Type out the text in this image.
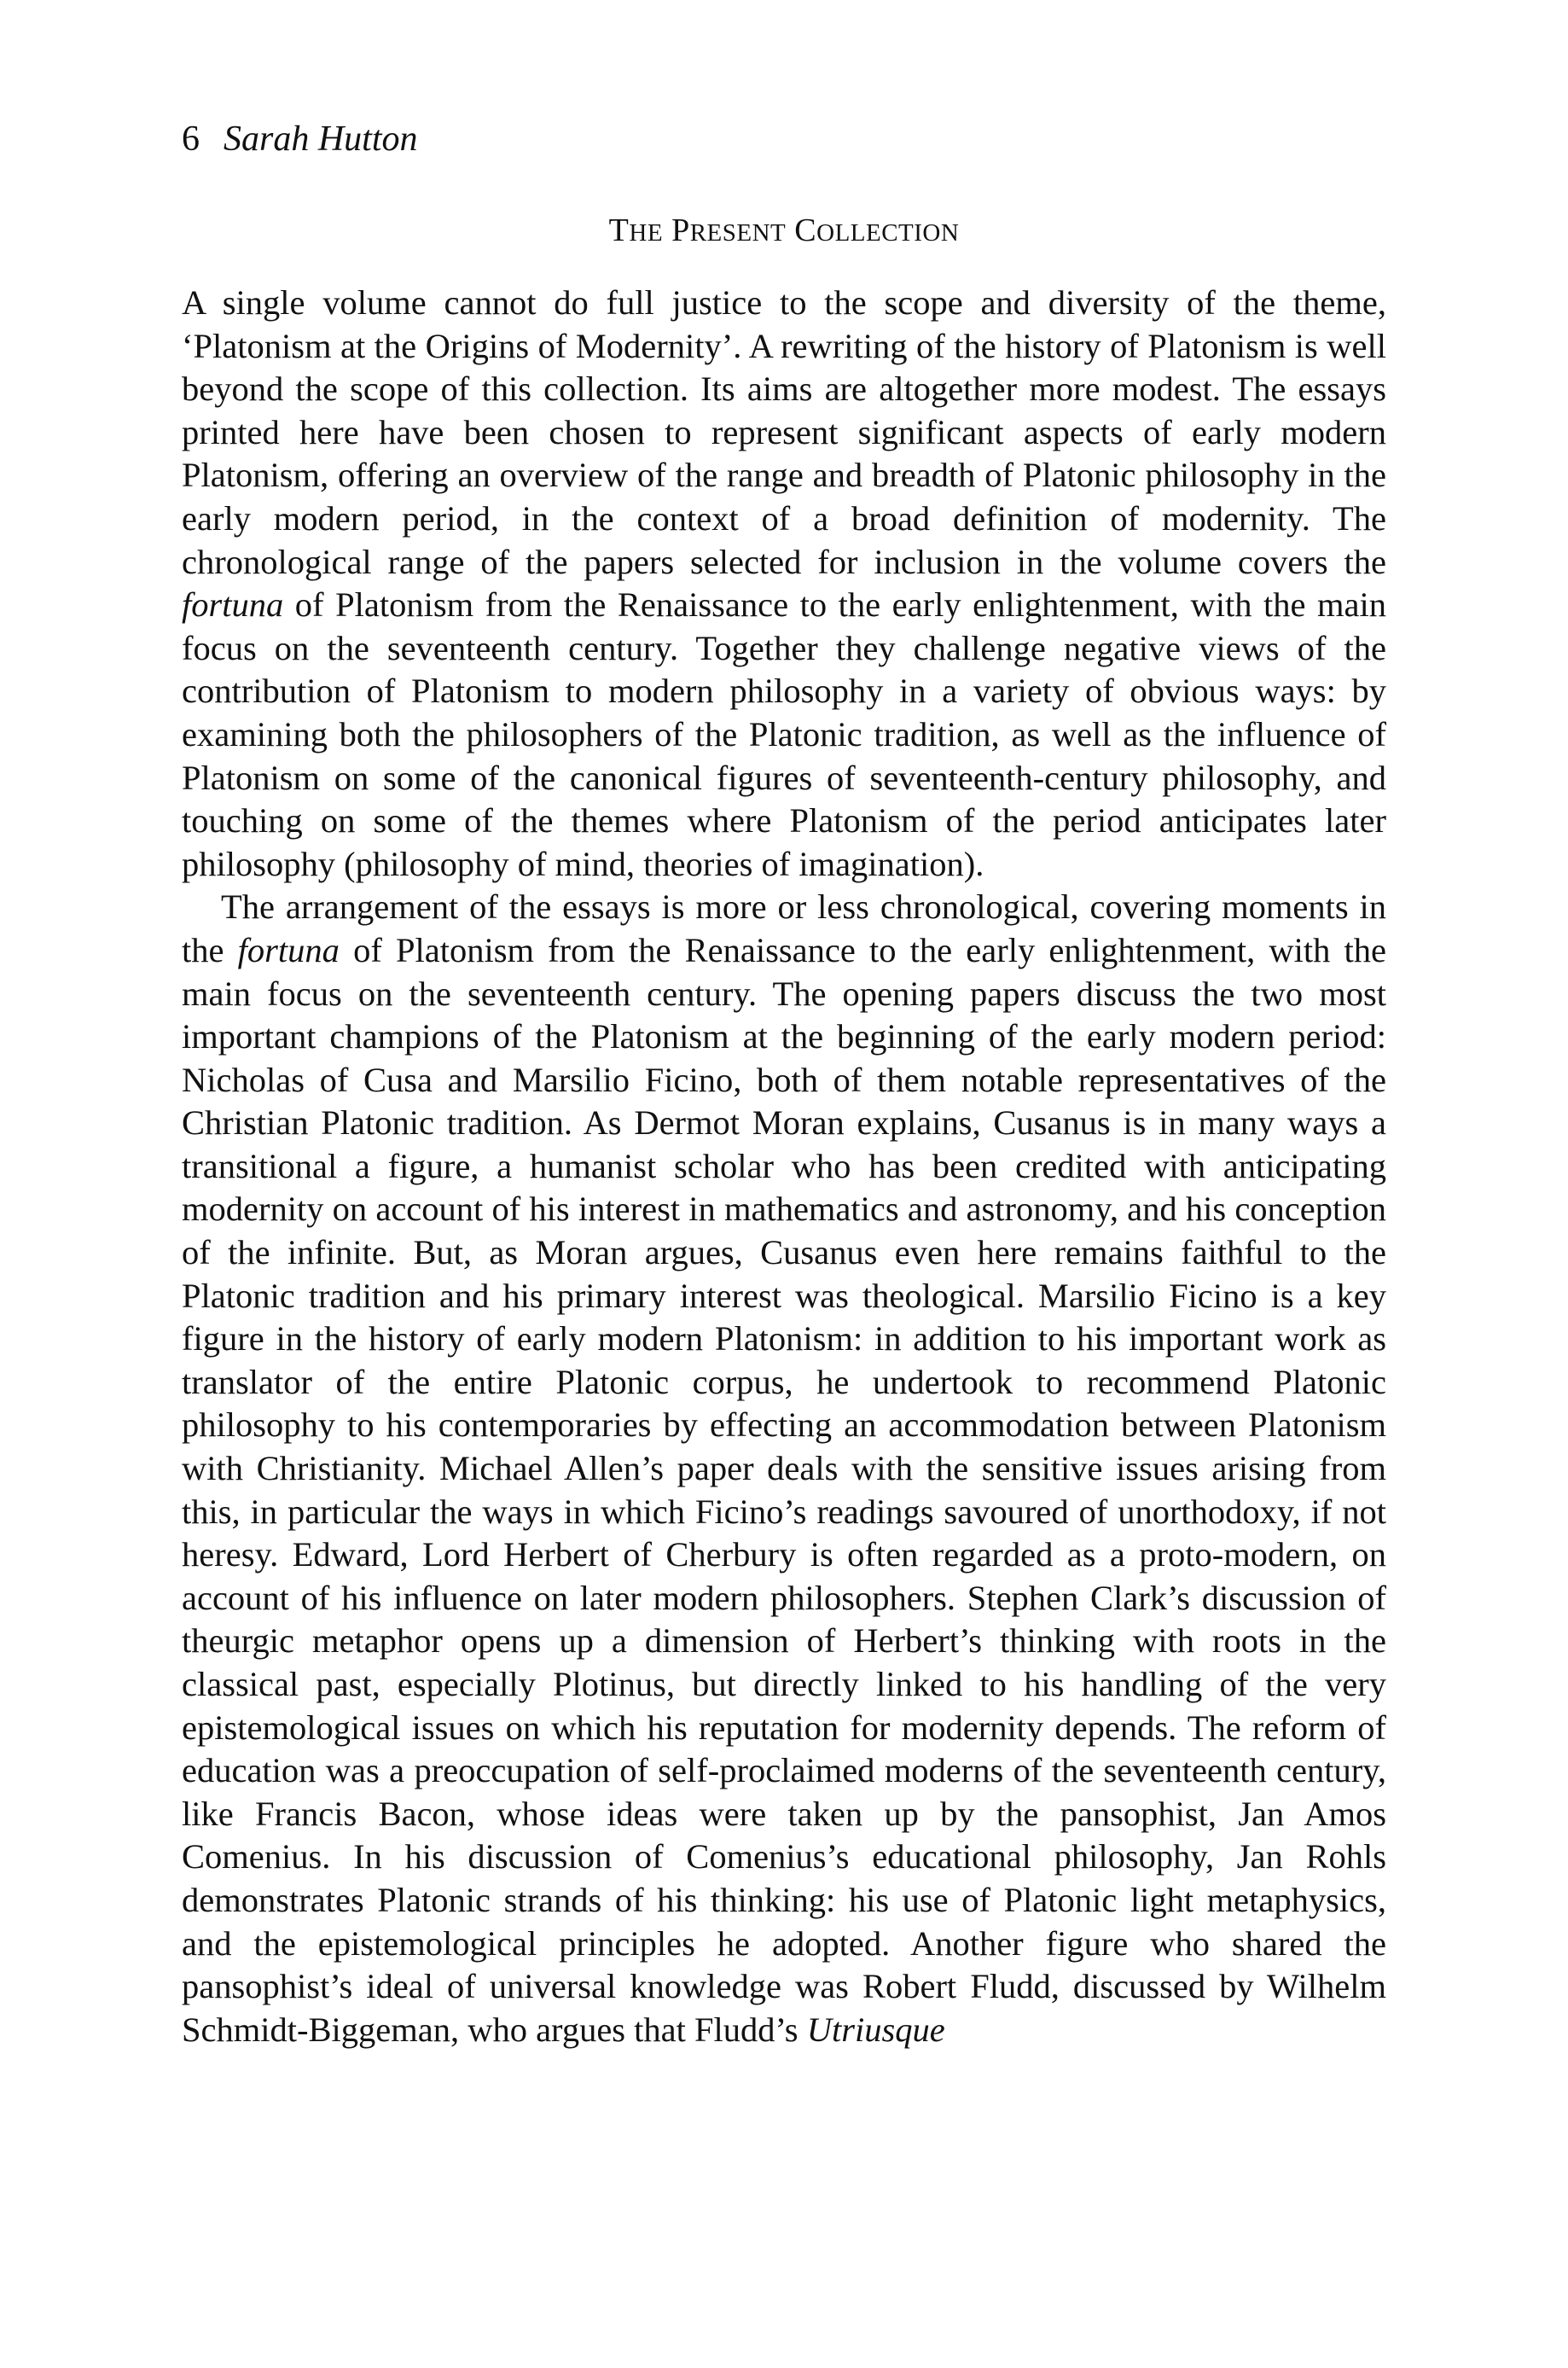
6 Sarah Hutton
THE PRESENT COLLECTION

A single volume cannot do full justice to the scope and diversity of the theme, ‘Platonism at the Origins of Modernity’. A rewriting of the history of Platonism is well beyond the scope of this collection. Its aims are altogether more modest. The essays printed here have been chosen to represent significant aspects of early modern Platonism, offering an overview of the range and breadth of Platonic philosophy in the early modern period, in the context of a broad definition of modernity. The chronological range of the papers selected for inclusion in the volume covers the fortuna of Platonism from the Renaissance to the early enlightenment, with the main focus on the seventeenth century. Together they challenge negative views of the contribution of Platonism to modern philosophy in a variety of obvious ways: by examining both the philosophers of the Platonic tradition, as well as the influence of Platonism on some of the canonical figures of seventeenth-century philosophy, and touching on some of the themes where Platonism of the period anticipates later philosophy (philosophy of mind, theories of imagination).

The arrangement of the essays is more or less chronological, covering moments in the fortuna of Platonism from the Renaissance to the early enlightenment, with the main focus on the seventeenth century. The opening papers discuss the two most important champions of the Platonism at the beginning of the early modern period: Nicholas of Cusa and Marsilio Ficino, both of them notable representatives of the Christian Platonic tradition. As Dermot Moran explains, Cusanus is in many ways a transitional a figure, a humanist scholar who has been credited with anticipating modernity on account of his interest in mathematics and astronomy, and his conception of the infinite. But, as Moran argues, Cusanus even here remains faithful to the Platonic tradition and his primary interest was theological. Marsilio Ficino is a key figure in the history of early modern Platonism: in addition to his important work as translator of the entire Platonic corpus, he undertook to recommend Platonic philosophy to his contemporaries by effecting an accommodation between Platonism with Christianity. Michael Allen’s paper deals with the sensitive issues arising from this, in particular the ways in which Ficino’s readings savoured of unorthodoxy, if not heresy. Edward, Lord Herbert of Cherbury is often regarded as a proto-modern, on account of his influence on later modern philosophers. Stephen Clark’s discussion of theurgic metaphor opens up a dimension of Herbert’s thinking with roots in the classical past, especially Plotinus, but directly linked to his handling of the very epistemological issues on which his reputation for modernity depends. The reform of education was a preoccupation of self-proclaimed moderns of the seventeenth century, like Francis Bacon, whose ideas were taken up by the pansophist, Jan Amos Comenius. In his discussion of Comenius’s educational philosophy, Jan Rohls demonstrates Platonic strands of his thinking: his use of Platonic light metaphysics, and the epistemological principles he adopted. Another figure who shared the pansophist’s ideal of universal knowledge was Robert Fludd, discussed by Wilhelm Schmidt-Biggeman, who argues that Fludd’s Utriusque
